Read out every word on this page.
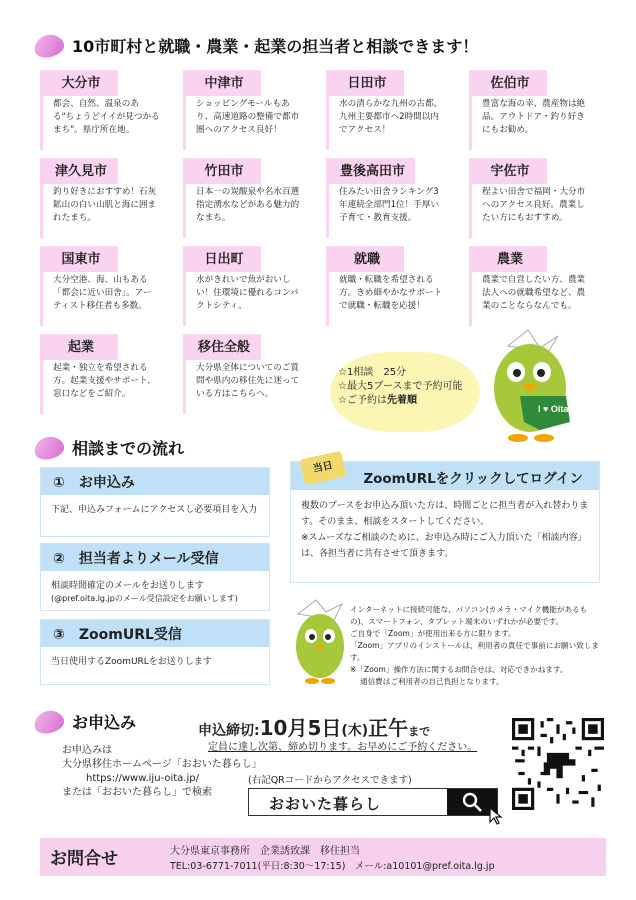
10市町村と就職・農業・起業の担当者と相談できます！
大分市
都会、自然、温泉のある"ちょうどイイが見つかるまち"。県庁所在地。
中津市
ショッピングモールもあり、高速道路の整備で都市圏へのアクセス良好！
日田市
水の清らかな九州の古都。九州主要都市へ2時間以内でアクセス！
佐伯市
豊富な海の幸、農産物は絶品。アウトドア・釣り好きにもお勧め。
津久見市
釣り好きにおすすめ！石灰鉱山の白い山肌と海に囲まれたまち。
竹田市
日本一の炭酸泉や名水百選指定湧水などがある魅力的なまち。
豊後高田市
住みたい田舎ランキング3年連続全部門1位！手厚い子育て・教育支援。
宇佐市
程よい田舎で福岡・大分市へのアクセス良好。農業したい方にもおすすめ。
国東市
大分空港、海、山もある「都会に近い田舎」。アーティスト移住者も多数。
日出町
水がきれいで魚がおいしい！住環境に優れるコンパクトシティ。
就職
就職・転職を希望される方。きめ細やかなサポートで就職・転職を応援！
農業
農業で自営したい方、農業法人への就職希望など、農業のことならなんでも。
起業
起業・独立を希望される方。起業支援やサポート、窓口などをご紹介。
移住全般
大分県全体についてのご質問や県内の移住先に迷っている方はこちらへ。
☆1相談　25分
☆最大5ブースまで予約可能
☆ご予約は先着順
I ♥ Oita
相談までの流れ
①　お申込み
下記、申込みフォームにアクセスし必要項目を入力
②　担当者よりメール受信
相談時間確定のメールをお送りします
(@pref.oita.lg.jpのメール受信設定をお願いします)
③　ZoomURL受信
当日使用するZoomURLをお送りします
ZoomURLをクリックしてログイン
複数のブースをお申込み頂いた方は、時間ごとに担当者が入れ替わります。そのまま、相談をスタートしてください。
※スムーズなご相談のために、お申込み時にご入力頂いた「相談内容」は、各担当者に共有させて頂きます。
当日
インターネットに接続可能な、パソコン(カメラ・マイク機能があるもの)、スマートフォン、タブレット端末のいずれかが必要です。
ご自身で「Zoom」が使用出来る方に限ります。
「Zoom」アプリのインストールは、利用者の責任で事前にお願い致します。
※「Zoom」操作方法に関するお問合せは、対応できかねます。
通信費はご利用者の自己負担となります。
お申込み	申込締切:10月5日(木)正午まで
定員に達し次第、締め切ります。お早めにご予約ください。
お申込みは
大分県移住ホームページ「おおいた暮らし」
https://www.iju-oita.jp/
または「おおいた暮らし」で検索
(右記QRコードからアクセスできます)
おおいた暮らし
お問合せ	大分県東京事務所　企業誘致課　移住担当
TEL:03-6771-7011(平日:8:30～17:15)　メール:a10101@pref.oita.lg.jp
